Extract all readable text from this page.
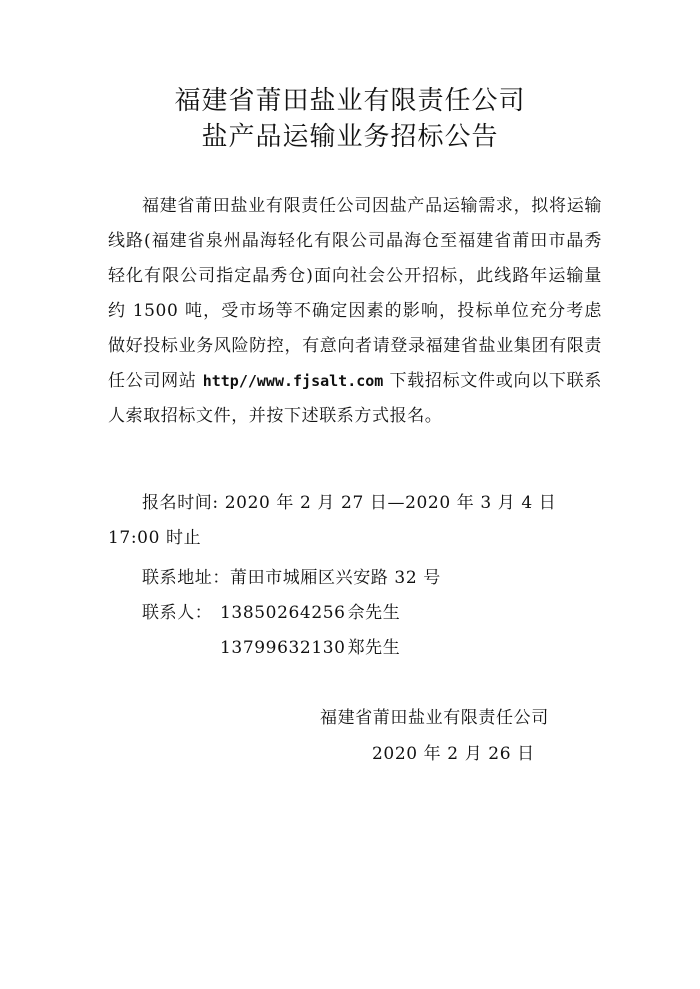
福建省莆田盐业有限责任公司
盐产品运输业务招标公告
福建省莆田盐业有限责任公司因盐产品运输需求，拟将运输线路(福建省泉州晶海轻化有限公司晶海仓至福建省莆田市晶秀轻化有限公司指定晶秀仓)面向社会公开招标，此线路年运输量约 1500 吨，受市场等不确定因素的影响，投标单位充分考虑做好投标业务风险防控，有意向者请登录福建省盐业集团有限责任公司网站 http//www.fjsalt.com 下载招标文件或向以下联系人索取招标文件，并按下述联系方式报名。
报名时间: 2020 年 2 月 27 日—2020 年 3 月 4 日 17:00 时止
联系地址：莆田市城厢区兴安路 32 号
联系人： 13850264256 佘先生
13799632130 郑先生
福建省莆田盐业有限责任公司
2020 年 2 月 26 日
